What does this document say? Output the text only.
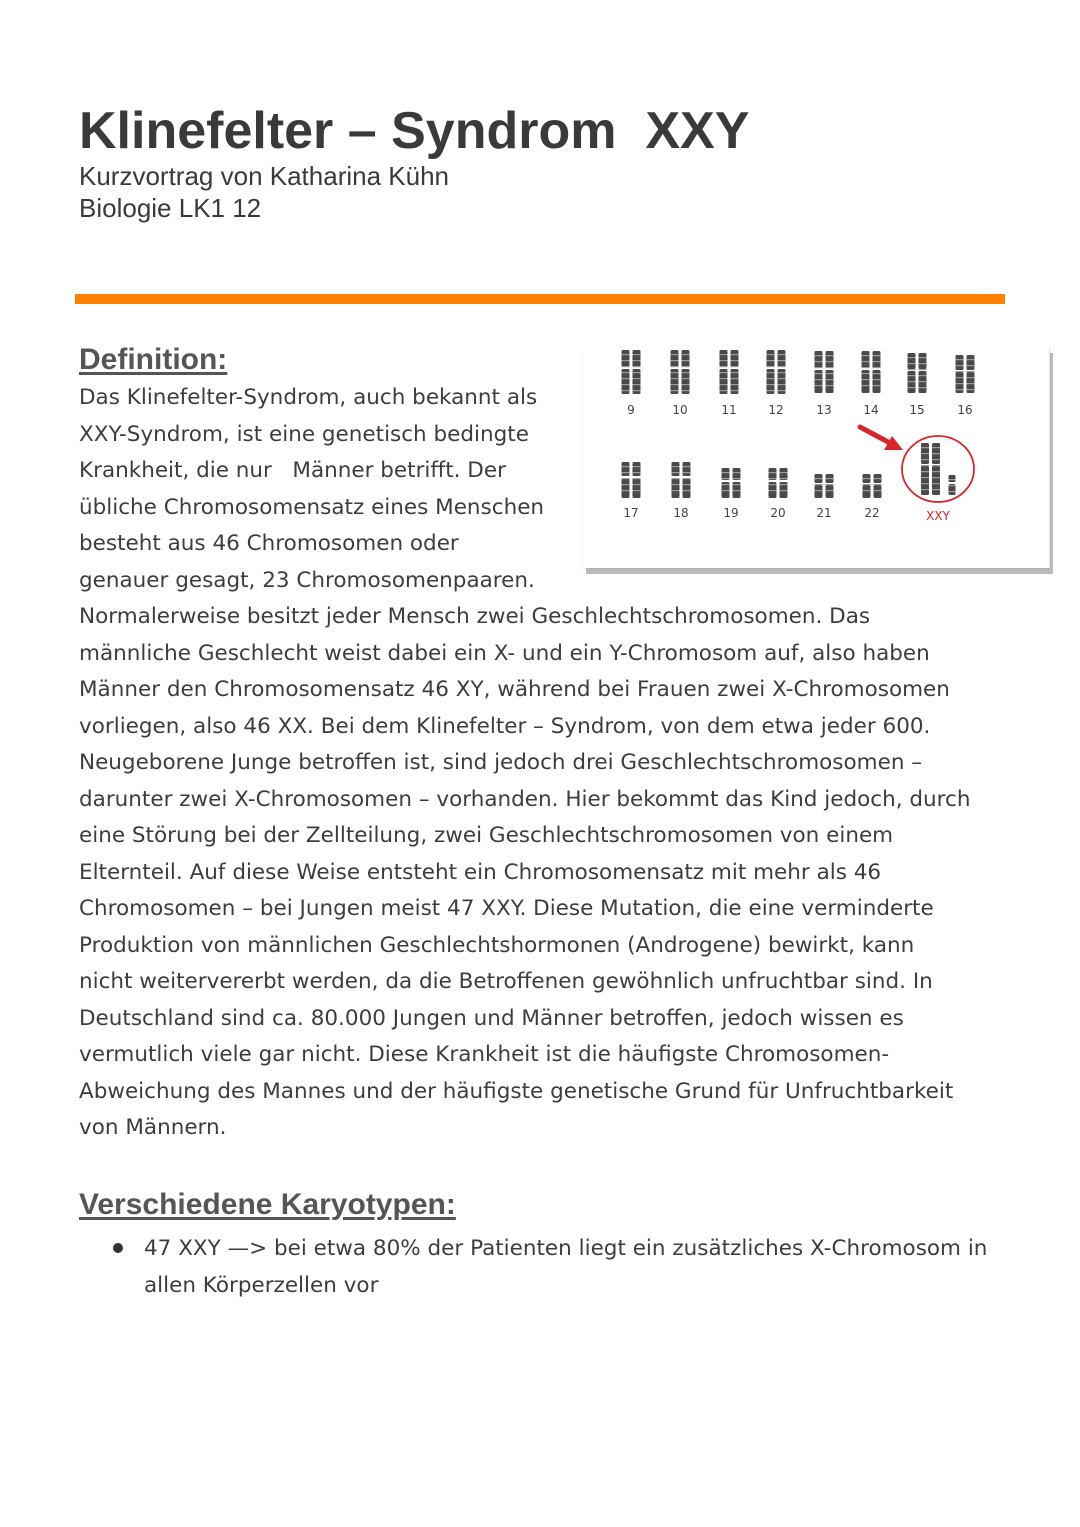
Klinefelter – Syndrom  XXY
Kurzvortrag von Katharina Kühn
Biologie LK1 12
Definition:
Das Klinefelter-Syndrom, auch bekannt als
XXY-Syndrom, ist eine genetisch bedingte
Krankheit, die nur   Männer betrifft. Der
übliche Chromosomensatz eines Menschen
besteht aus 46 Chromosomen oder
genauer gesagt, 23 Chromosomenpaaren.
9	10	11	12	13	14	15	16
17	18	19	20	21	22	XXY
Normalerweise besitzt jeder Mensch zwei Geschlechtschromosomen. Das
männliche Geschlecht weist dabei ein X- und ein Y-Chromosom auf, also haben
Männer den Chromosomensatz 46 XY, während bei Frauen zwei X-Chromosomen
vorliegen, also 46 XX. Bei dem Klinefelter – Syndrom, von dem etwa jeder 600.
Neugeborene Junge betroffen ist, sind jedoch drei Geschlechtschromosomen –
darunter zwei X-Chromosomen – vorhanden. Hier bekommt das Kind jedoch, durch
eine Störung bei der Zellteilung, zwei Geschlechtschromosomen von einem
Elternteil. Auf diese Weise entsteht ein Chromosomensatz mit mehr als 46
Chromosomen – bei Jungen meist 47 XXY. Diese Mutation, die eine verminderte
Produktion von männlichen Geschlechtshormonen (Androgene) bewirkt, kann
nicht weitervererbt werden, da die Betroffenen gewöhnlich unfruchtbar sind. In
Deutschland sind ca. 80.000 Jungen und Männer betroffen, jedoch wissen es
vermutlich viele gar nicht. Diese Krankheit ist die häufigste Chromosomen-
Abweichung des Mannes und der häufigste genetische Grund für Unfruchtbarkeit
von Männern.
Verschiedene Karyotypen:
47 XXY —> bei etwa 80% der Patienten liegt ein zusätzliches X-Chromosom in
allen Körperzellen vor
